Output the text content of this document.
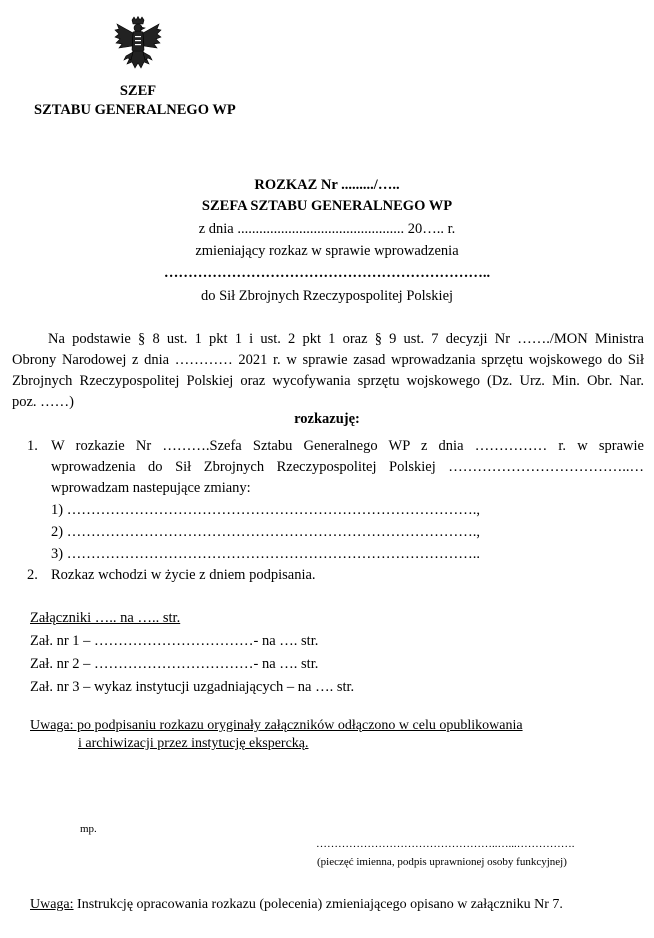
SZEF
SZTABU GENERALNEGO WP
ROZKAZ Nr ........./…..
SZEFA SZTABU GENERALNEGO WP
z dnia .............................................. 20….. r.
zmieniający rozkaz w sprawie wprowadzenia
…………………………………………………………..
do Sił Zbrojnych Rzeczypospolitej Polskiej
Na podstawie § 8 ust. 1 pkt 1 i ust. 2 pkt 1 oraz § 9 ust. 7 decyzji Nr ……./MON Ministra
Obrony Narodowej z dnia ………… 2021 r. w sprawie zasad wprowadzania sprzętu wojskowego do Sił
Zbrojnych Rzeczypospolitej Polskiej oraz wycofywania sprzętu wojskowego (Dz. Urz. Min. Obr. Nar.
poz. ……)
rozkazuję:
1. W rozkazie Nr ……….Szefa Sztabu Generalnego WP z dnia …………… r. w sprawie
wprowadzenia do Sił Zbrojnych Rzeczypospolitej Polskiej ………………………………..…
wprowadzam nastepujące zmiany:
1) ………………………………………………………………………….,
2) ………………………………………………………………………….,
3) …………………………………………………………………………..
2. Rozkaz wchodzi w życie z dniem podpisania.
Załączniki ….. na ….. str.
Zał. nr 1 – ……………………………- na …. str.
Zał. nr 2 – ……………………………- na …. str.
Zał. nr 3 – wykaz instytucji uzgadniających – na …. str.
Uwaga: po podpisaniu rozkazu oryginały załączników odłączono w celu opublikowania
i archiwizacji przez instytucję ekspercką.
mp.
…………………………………………..…...…………….
(pieczęć imienna, podpis uprawnionej osoby funkcyjnej)
Uwaga: Instrukcję opracowania rozkazu (polecenia) zmieniającego opisano w załączniku Nr 7.
